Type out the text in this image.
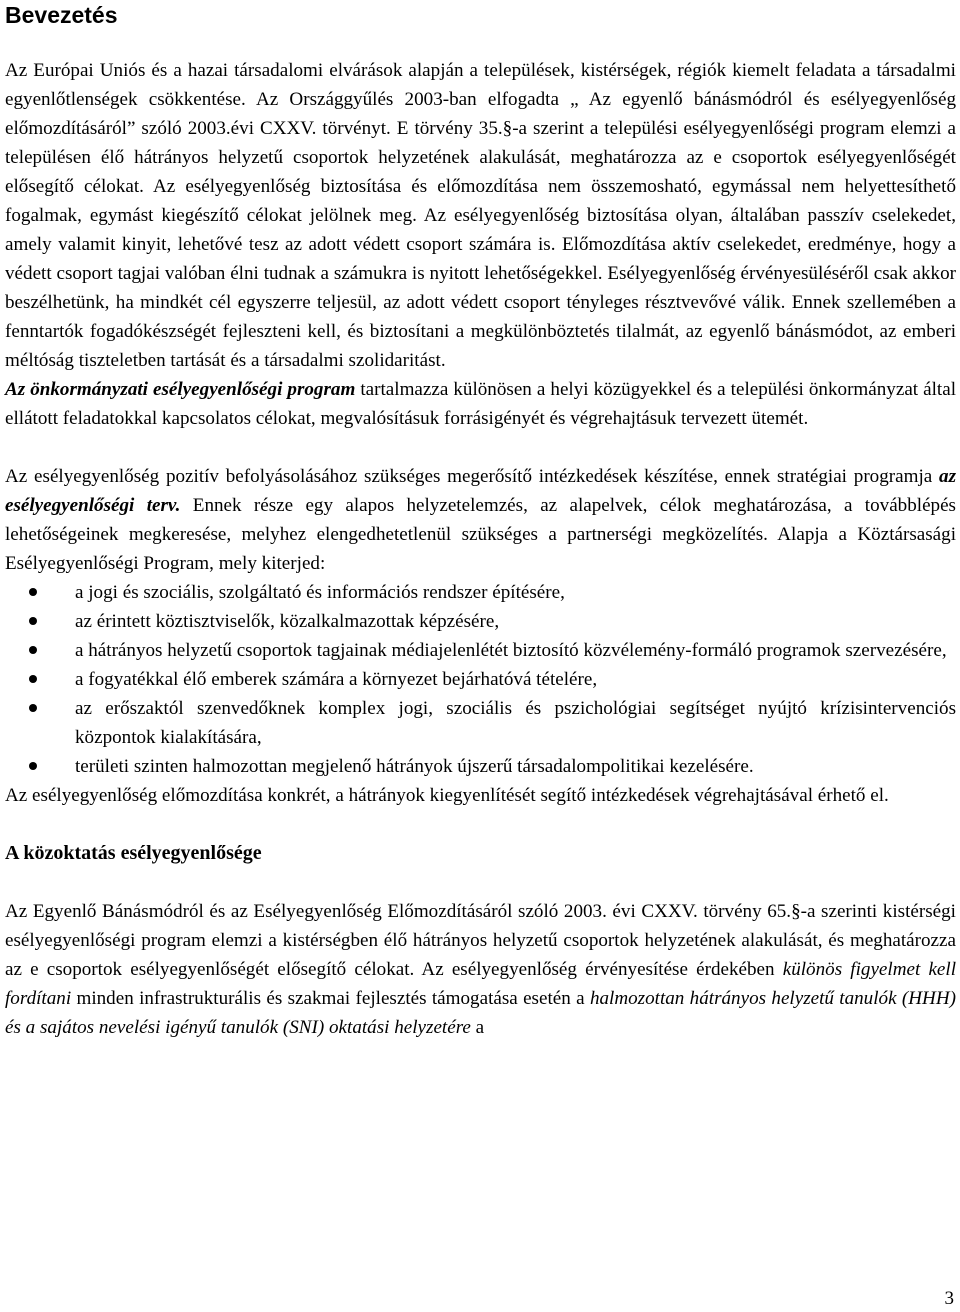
Bevezetés

Az Európai Uniós és a hazai társadalomi elvárások alapján a települések, kistérségek, régiók kiemelt feladata a társadalmi egyenlőtlenségek csökkentése. Az Országgyűlés 2003-ban elfogadta „ Az egyenlő bánásmódról és esélyegyenlőség előmozdításáról” szóló 2003.évi CXXV. törvényt. E törvény 35.§-a szerint a települési esélyegyenlőségi program elemzi a településen élő hátrányos helyzetű csoportok helyzetének alakulását, meghatározza az e csoportok esélyegyenlőségét elősegítő célokat. Az esélyegyenlőség biztosítása és előmozdítása nem összemosható, egymással nem helyettesíthető fogalmak, egymást kiegészítő célokat jelölnek meg. Az esélyegyenlőség biztosítása olyan, általában passzív cselekedet, amely valamit kinyit, lehetővé tesz az adott védett csoport számára is. Előmozdítása aktív cselekedet, eredménye, hogy a védett csoport tagjai valóban élni tudnak a számukra is nyitott lehetőségekkel. Esélyegyenlőség érvényesüléséről csak akkor beszélhetünk, ha mindkét cél egyszerre teljesül, az adott védett csoport tényleges résztvevővé válik. Ennek szellemében a fenntartók fogadókészségét fejleszteni kell, és biztosítani a megkülönböztetés tilalmát, az egyenlő bánásmódot, az emberi méltóság tiszteletben tartását és a társadalmi szolidaritást.

Az önkormányzati esélyegyenlőségi program tartalmazza különösen a helyi közügyekkel és a települési önkormányzat által ellátott feladatokkal kapcsolatos célokat, megvalósításuk forrásigényét és végrehajtásuk tervezett ütemét.

Az esélyegyenlőség pozitív befolyásolásához szükséges megerősítő intézkedések készítése, ennek stratégiai programja az esélyegyenlőségi terv. Ennek része egy alapos helyzetelemzés, az alapelvek, célok meghatározása, a továbblépés lehetőségeinek megkeresése, melyhez elengedhetetlenül szükséges a partnerségi megközelítés. Alapja a Köztársasági Esélyegyenlőségi Program, mely kiterjed:

a jogi és szociális, szolgáltató és információs rendszer építésére,
az érintett köztisztviselők, közalkalmazottak képzésére,
a hátrányos helyzetű csoportok tagjainak médiajelenlétét biztosító közvélemény-formáló programok szervezésére,
a fogyatékkal élő emberek számára a környezet bejárhatóvá tételére,
az erőszaktól szenvedőknek komplex jogi, szociális és pszichológiai segítséget nyújtó krízisintervenciós központok kialakítására,
területi szinten halmozottan megjelenő hátrányok újszerű társadalompolitikai kezelésére.

Az esélyegyenlőség előmozdítása konkrét, a hátrányok kiegyenlítését segítő intézkedések végrehajtásával érhető el.

A közoktatás esélyegyenlősége

Az Egyenlő Bánásmódról és az Esélyegyenlőség Előmozdításáról szóló 2003. évi CXXV. törvény 65.§-a szerinti kistérségi esélyegyenlőségi program elemzi a kistérségben élő hátrányos helyzetű csoportok helyzetének alakulását, és meghatározza az e csoportok esélyegyenlőségét elősegítő célokat. Az esélyegyenlőség érvényesítése érdekében különös figyelmet kell fordítani minden infrastrukturális és szakmai fejlesztés támogatása esetén a halmozottan hátrányos helyzetű tanulók (HHH) és a sajátos nevelési igényű tanulók (SNI) oktatási helyzetére a

3
